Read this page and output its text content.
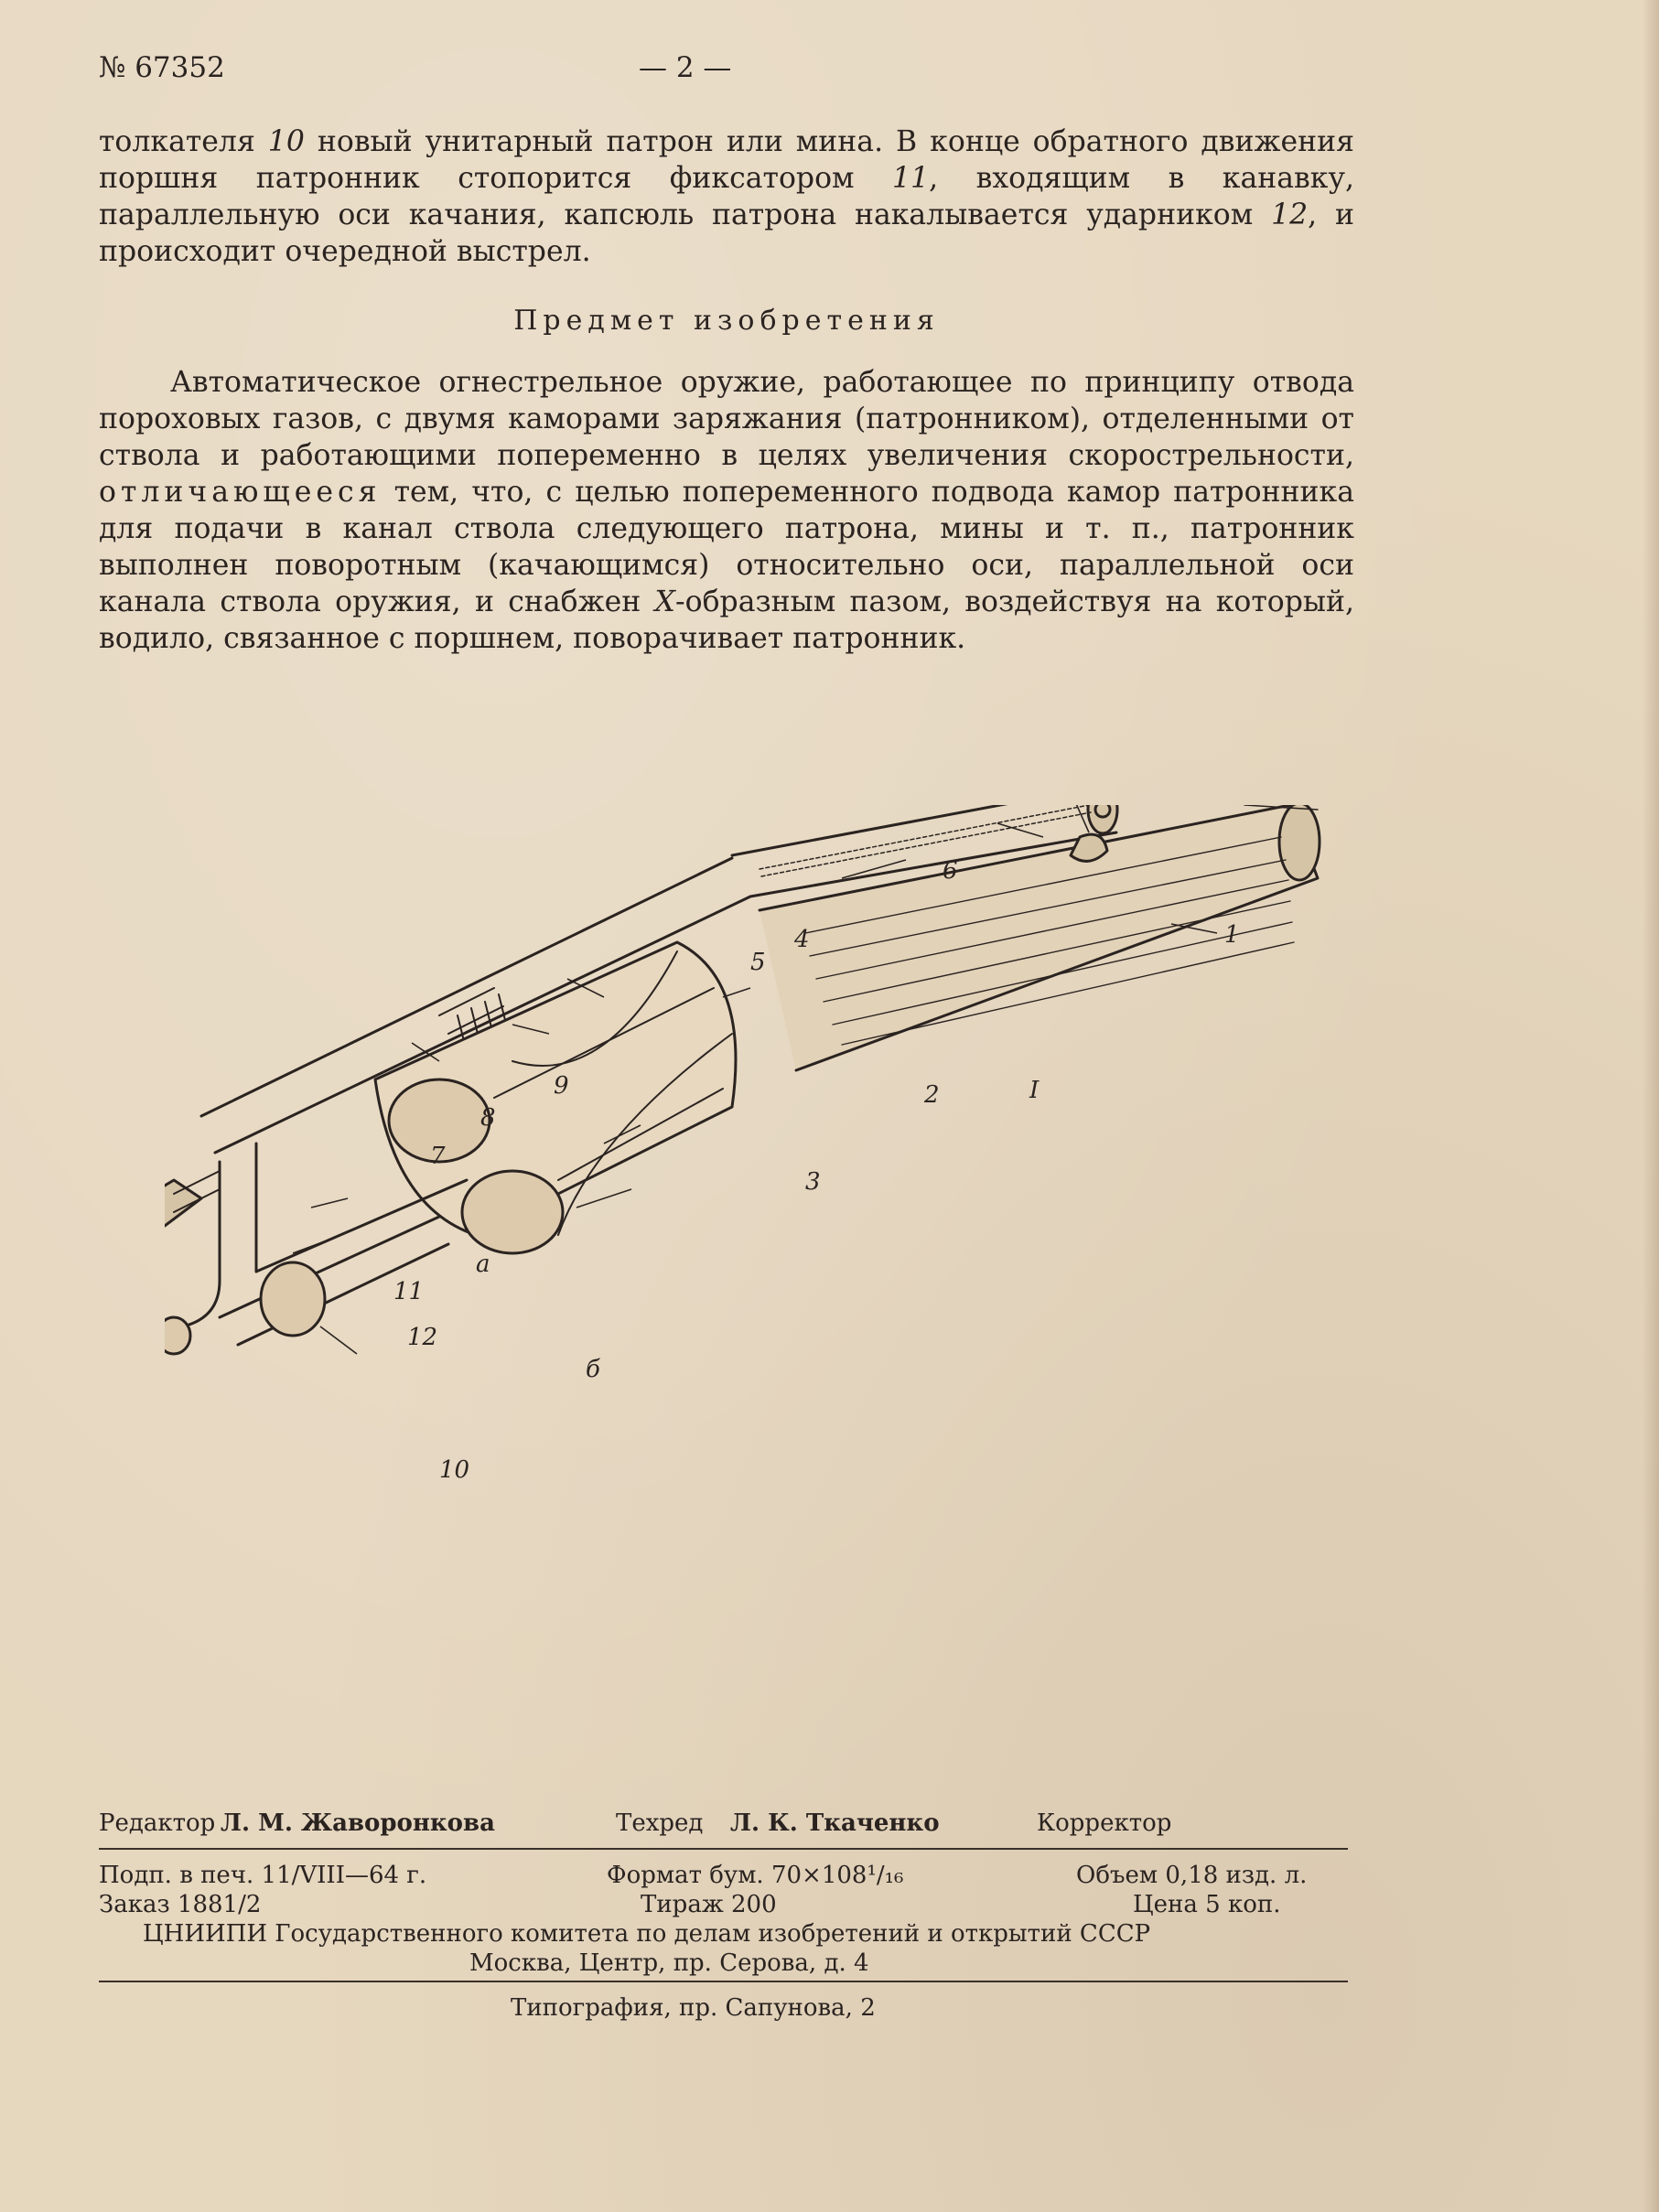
№ 67352	— 2 —
толкателя 10 новый унитарный патрон или мина. В конце обратного движения поршня патронник стопорится фиксатором 11, входящим в канавку, параллельную оси качания, капсюль патрона накалывается ударником 12, и происходит очередной выстрел.
Предмет изобретения
Автоматическое огнестрельное оружие, работающее по принципу отвода пороховых газов, с двумя каморами заряжания (патронником), отделенными от ствола и работающими попеременно в целях увеличения скорострельности, отличающееся тем, что, с целью попеременного подвода камор патронника для подачи в канал ствола следующего патрона, мины и т. п., патронник выполнен поворотным (качающимся) относительно оси, параллельной оси канала ствола оружия, и снабжен X-образным пазом, воздействуя на который, водило, связанное с поршнем, поворачивает патронник.
1
2
3
4
5
6
7
8
9
10
11
12
I
а
б
Редактор Л. М. Жаворонкова	Техред Л. К. Ткаченко	Корректор
Подп. в печ. 11/VIII—64 г.	Формат бум. 70×108¹/₁₆	Объем 0,18 изд. л.
Заказ 1881/2	Тираж 200	Цена 5 коп.
ЦНИИПИ Государственного комитета по делам изобретений и открытий СССР
Москва, Центр, пр. Серова, д. 4
Типография, пр. Сапунова, 2
